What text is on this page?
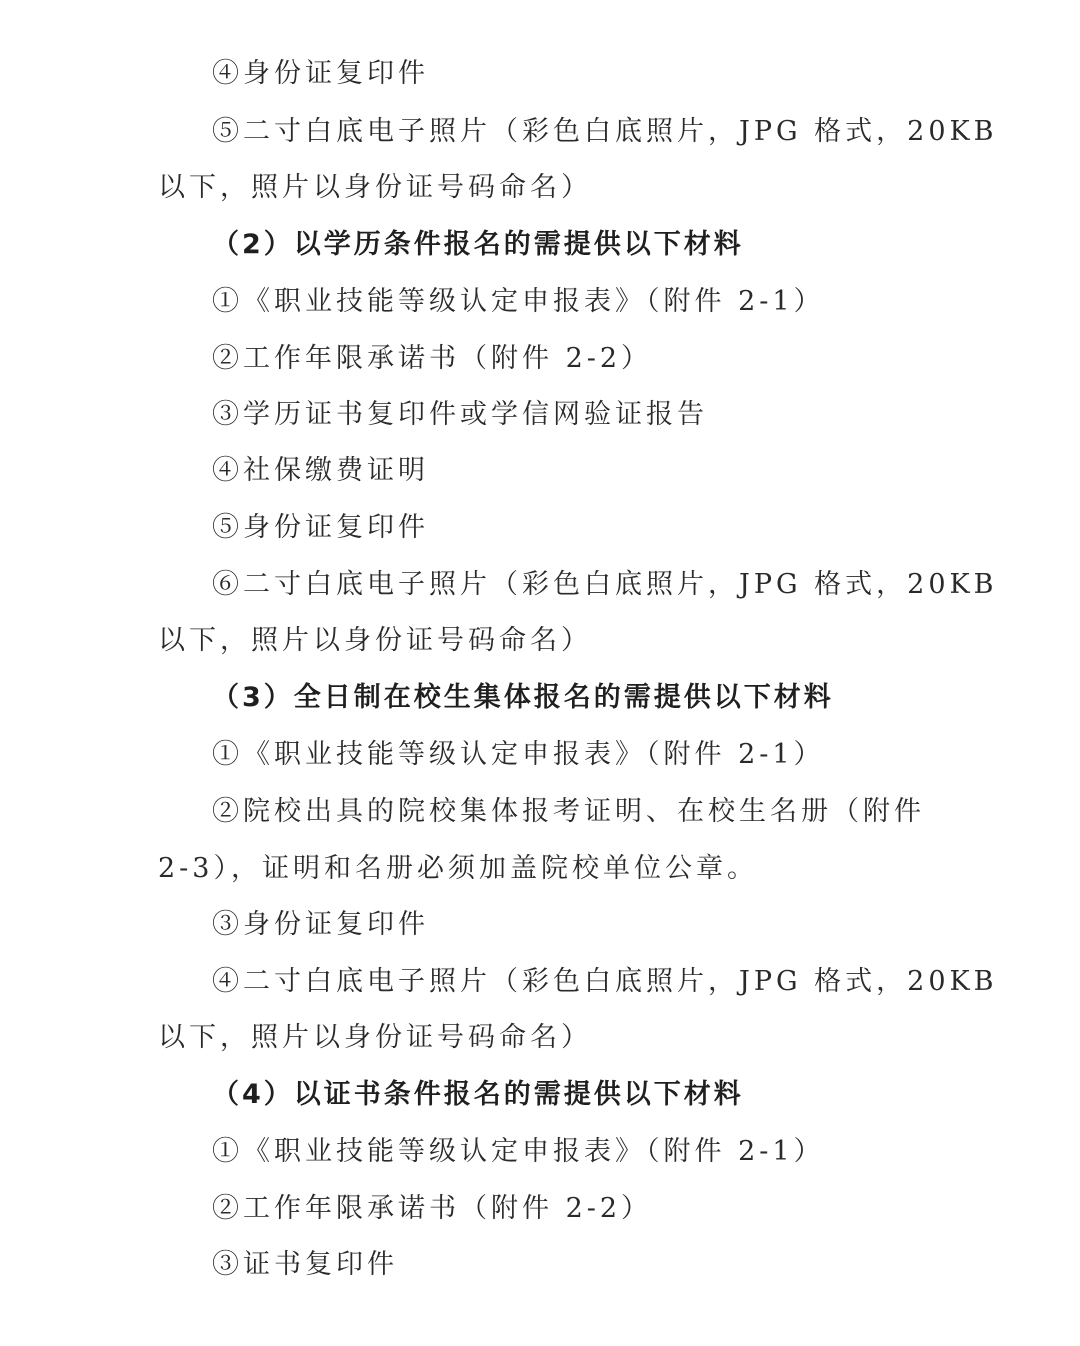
④身份证复印件
⑤二寸白底电子照片（彩色白底照片，JPG 格式，20KB
以下，照片以身份证号码命名）
（2）以学历条件报名的需提供以下材料
①《职业技能等级认定申报表》（附件 2-1）
②工作年限承诺书（附件 2-2）
③学历证书复印件或学信网验证报告
④社保缴费证明
⑤身份证复印件
⑥二寸白底电子照片（彩色白底照片，JPG 格式，20KB
以下，照片以身份证号码命名）
（3）全日制在校生集体报名的需提供以下材料
①《职业技能等级认定申报表》（附件 2-1）
②院校出具的院校集体报考证明、在校生名册（附件
2-3），证明和名册必须加盖院校单位公章。
③身份证复印件
④二寸白底电子照片（彩色白底照片，JPG 格式，20KB
以下，照片以身份证号码命名）
（4）以证书条件报名的需提供以下材料
①《职业技能等级认定申报表》（附件 2-1）
②工作年限承诺书（附件 2-2）
③证书复印件
